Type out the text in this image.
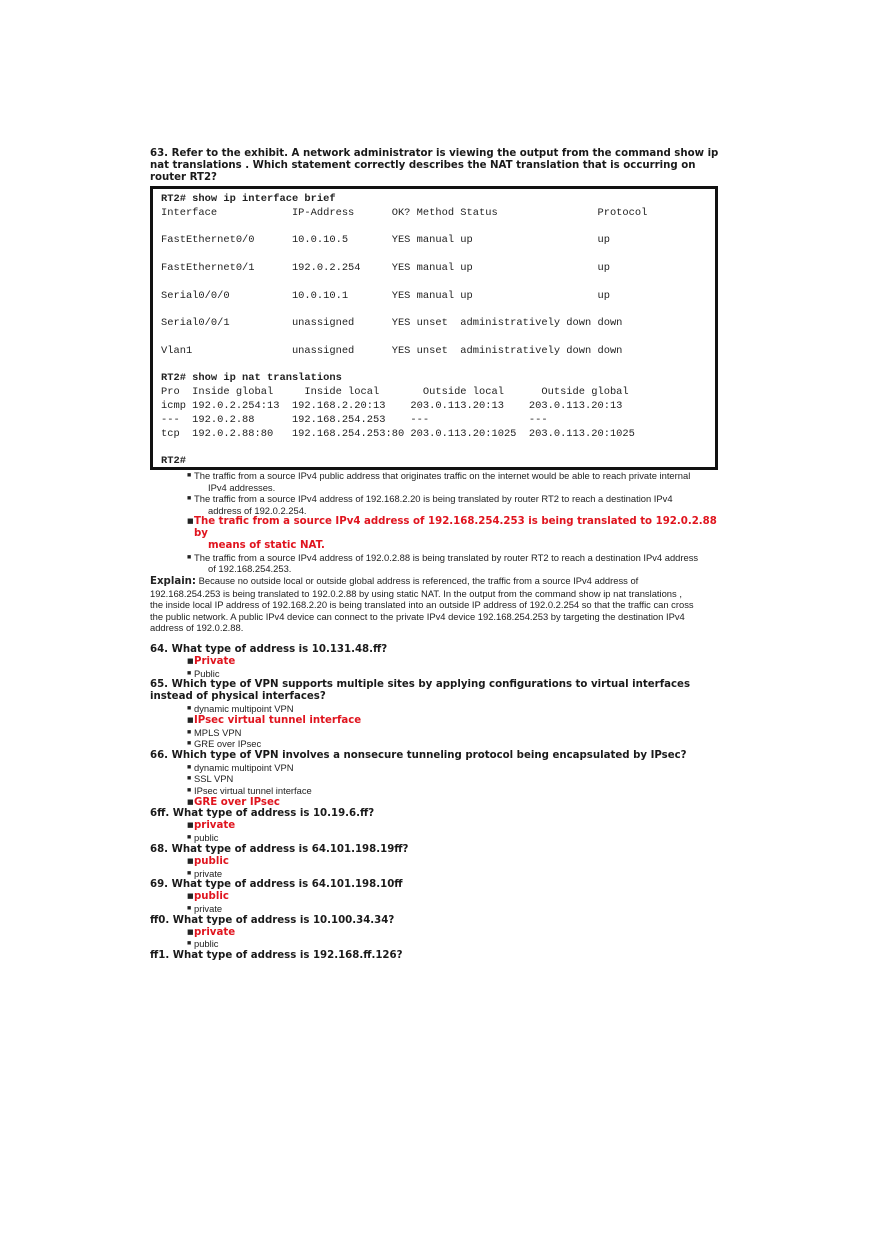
63. Refer to the exhibit. A network administrator is viewing the output from the command show ip nat translations . Which statement correctly describes the NAT translation that is occurring on router RT2?
RT2# show ip interface brief
Interface            IP-Address      OK? Method Status                Protocol
FastEthernet0/0      10.0.10.5       YES manual up                    up
FastEthernet0/1      192.0.2.254     YES manual up                    up
Serial0/0/0          10.0.10.1       YES manual up                    up
Serial0/0/1          unassigned      YES unset  administratively down down
Vlan1                unassigned      YES unset  administratively down down
RT2# show ip nat translations
Pro  Inside global     Inside local       Outside local      Outside global
icmp 192.0.2.254:13  192.168.2.20:13    203.0.113.20:13    203.0.113.20:13
---  192.0.2.88      192.168.254.253    ---                ---
tcp  192.0.2.88:80   192.168.254.253:80 203.0.113.20:1025  203.0.113.20:1025
RT2#
■ The traffic from a source IPv4 public address that originates traffic on the internet would be able to reach private internal
IPv4 addresses.
■ The traffic from a source IPv4 address of 192.168.2.20 is being translated by router RT2 to reach a destination IPv4
address of 192.0.2.254.
■ The trafic from a source IPv4 address of 192.168.254.253 is being translated to 192.0.2.88 by
means of static NAT.
■ The traffic from a source IPv4 address of 192.0.2.88 is being translated by router RT2 to reach a destination IPv4 address
of 192.168.254.253.
Explain: Because no outside local or outside global address is referenced, the traffic from a source IPv4 address of
192.168.254.253 is being translated to 192.0.2.88 by using static NAT. In the output from the command show ip nat translations ,
the inside local IP address of 192.168.2.20 is being translated into an outside IP address of 192.0.2.254 so that the traffic can cross
the public network. A public IPv4 device can connect to the private IPv4 device 192.168.254.253 by targeting the destination IPv4
address of 192.0.2.88.
64. What type of address is 10.131.48.ff?
■ Private
■ Public
65. Which type of VPN supports multiple sites by applying configurations to virtual interfaces instead of physical interfaces?
■ dynamic multipoint VPN
■ IPsec virtual tunnel interface
■ MPLS VPN
■ GRE over IPsec
66. Which type of VPN involves a nonsecure tunneling protocol being encapsulated by IPsec?
■ dynamic multipoint VPN
■ SSL VPN
■ IPsec virtual tunnel interface
■ GRE over IPsec
6ff. What type of address is 10.19.6.ff?
■ private
■ public
68. What type of address is 64.101.198.19ff?
■ public
■ private
69. What type of address is 64.101.198.10ff
■ public
■ private
ff0. What type of address is 10.100.34.34?
■ private
■ public
ff1. What type of address is 192.168.ff.126?
